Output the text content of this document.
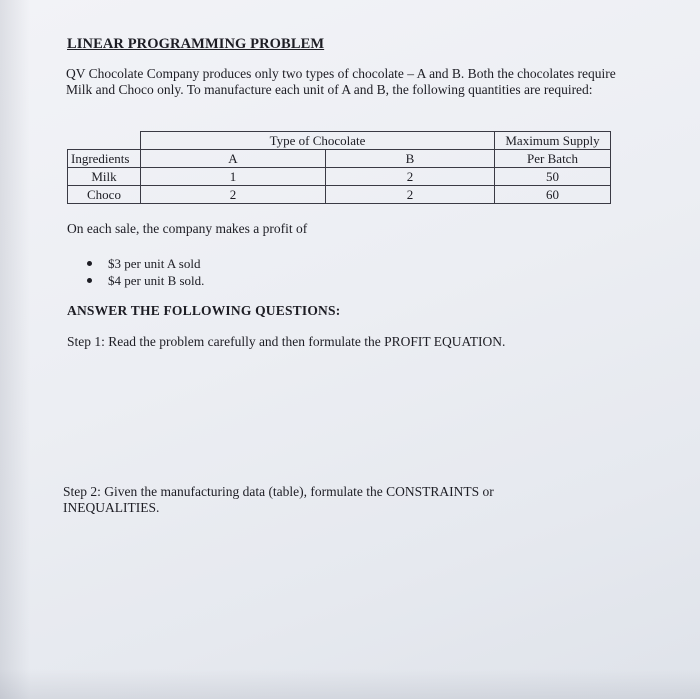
LINEAR PROGRAMMING PROBLEM
QV Chocolate Company produces only two types of chocolate – A and B. Both the chocolates require Milk and Choco only. To manufacture each unit of A and B, the following quantities are required:
	Type of Chocolate		Maximum Supply
Ingredients	A	B	Per Batch
Milk	1	2	50
Choco	2	2	60
On each sale, the company makes a profit of
$3 per unit A sold
$4 per unit B sold.
ANSWER THE FOLLOWING QUESTIONS:
Step 1: Read the problem carefully and then formulate the PROFIT EQUATION.
Step 2: Given the manufacturing data (table), formulate the CONSTRAINTS or INEQUALITIES.
